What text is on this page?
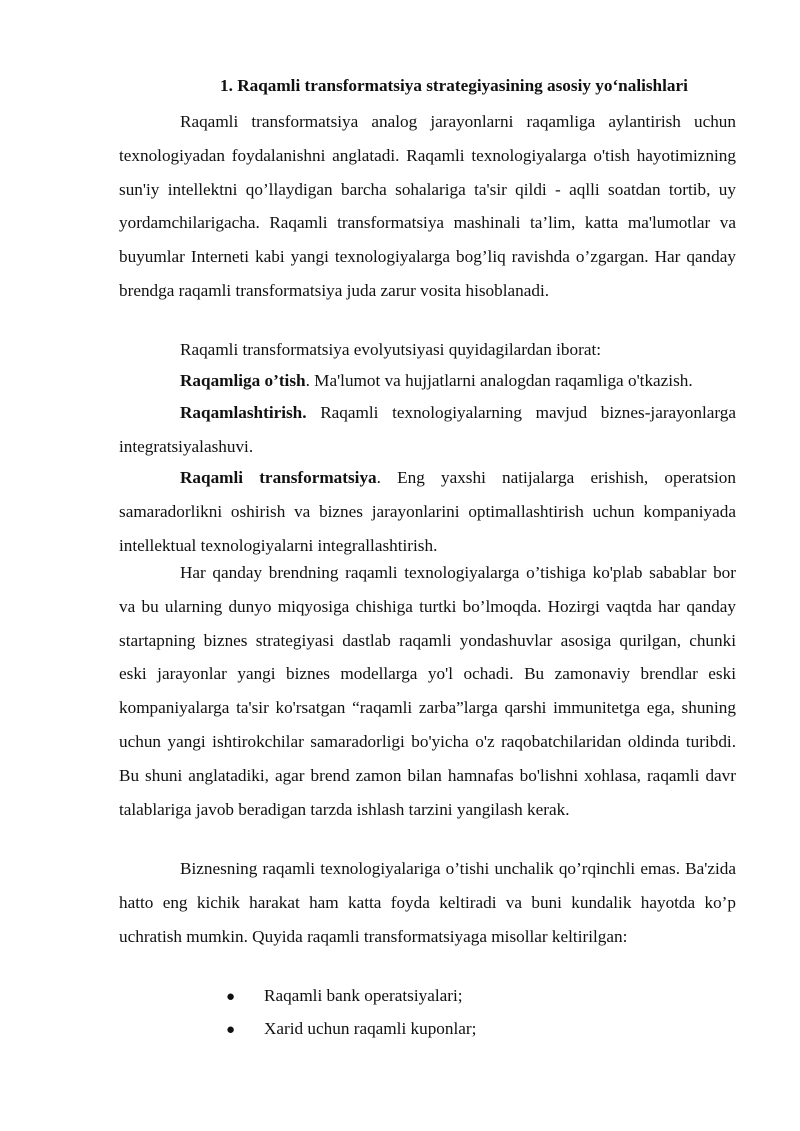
1. Raqamli transformatsiya strategiyasining asosiy yo‘nalishlari

Raqamli transformatsiya analog jarayonlarni raqamliga aylantirish uchun texnologiyadan foydalanishni anglatadi. Raqamli texnologiyalarga o'tish hayotimizning sun'iy intellektni qo’llaydigan barcha sohalariga ta'sir qildi - aqlli soatdan tortib, uy yordamchilarigacha. Raqamli transformatsiya mashinali ta’lim, katta ma'lumotlar va buyumlar Interneti kabi yangi texnologiyalarga bog’liq ravishda o’zgargan. Har qanday brendga raqamli transformatsiya juda zarur vosita hisoblanadi.

Raqamli transformatsiya evolyutsiyasi quyidagilardan iborat:

Raqamliga o’tish. Ma'lumot va hujjatlarni analogdan raqamliga o'tkazish.

Raqamlashtirish. Raqamli texnologiyalarning mavjud biznes-jarayonlarga integratsiyalashuvi.

Raqamli transformatsiya. Eng yaxshi natijalarga erishish, operatsion samaradorlikni oshirish va biznes jarayonlarini optimallashtirish uchun kompaniyada intellektual texnologiyalarni integrallashtirish.

Har qanday brendning raqamli texnologiyalarga o’tishiga ko'plab sabablar bor va bu ularning dunyo miqyosiga chishiga turtki bo’lmoqda. Hozirgi vaqtda har qanday startapning biznes strategiyasi dastlab raqamli yondashuvlar asosiga qurilgan, chunki eski jarayonlar yangi biznes modellarga yo'l ochadi. Bu zamonaviy brendlar eski kompaniyalarga ta'sir ko'rsatgan “raqamli zarba”larga qarshi immunitetga ega, shuning uchun yangi ishtirokchilar samaradorligi bo'yicha o'z raqobatchilaridan oldinda turibdi. Bu shuni anglatadiki, agar brend zamon bilan hamnafas bo'lishni xohlasa, raqamli davr talablariga javob beradigan tarzda ishlash tarzini yangilash kerak.

Biznesning raqamli texnologiyalariga o’tishi unchalik qo’rqinchli emas. Ba'zida hatto eng kichik harakat ham katta foyda keltiradi va buni kundalik hayotda ko’p uchratish mumkin. Quyida raqamli transformatsiyaga misollar keltirilgan:

● Raqamli bank operatsiyalari;
● Xarid uchun raqamli kuponlar;
